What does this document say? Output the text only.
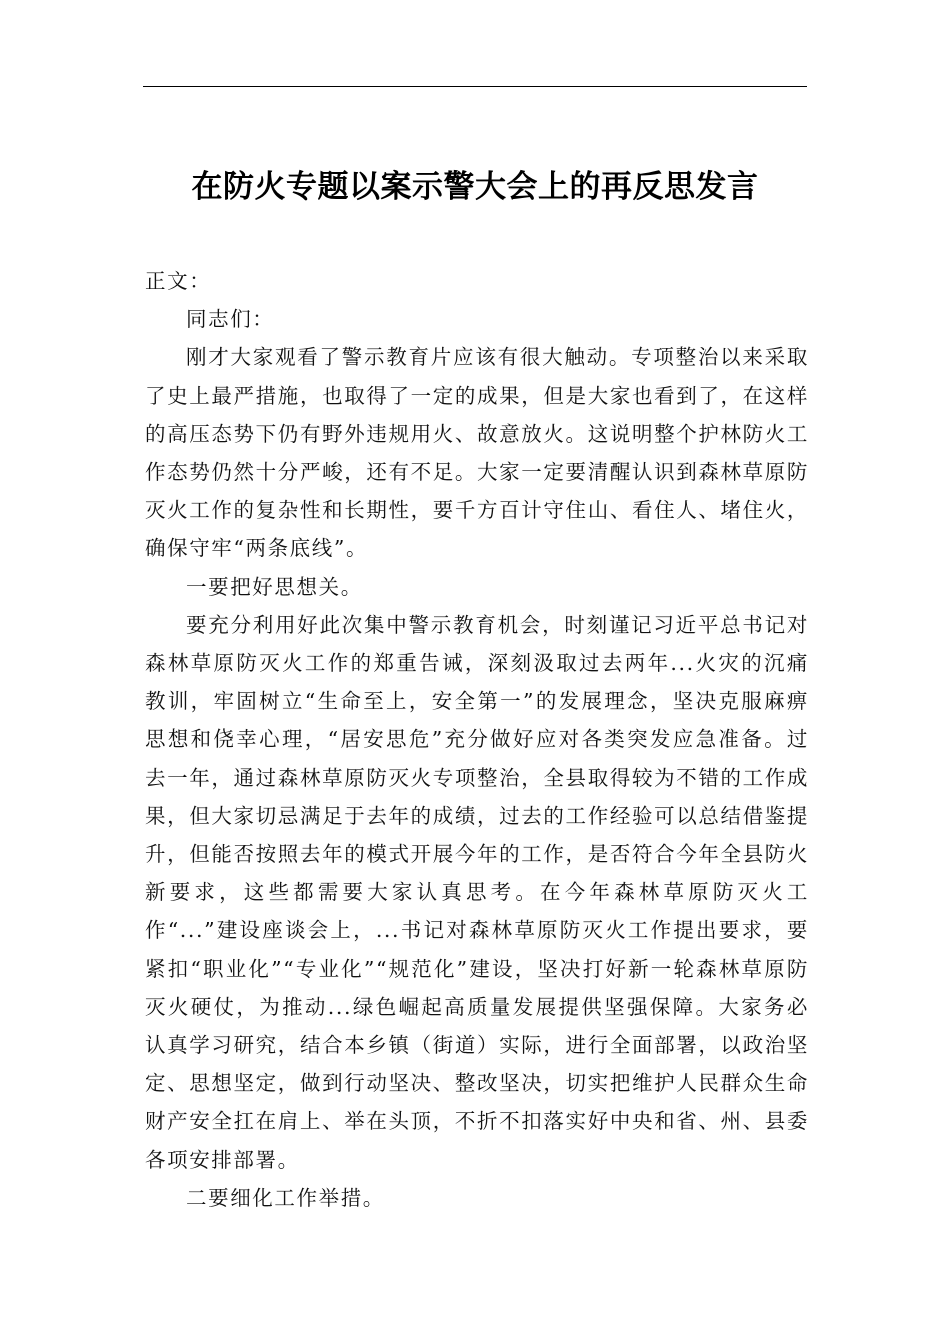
在防火专题以案示警大会上的再反思发言

正文：

同志们：

刚才大家观看了警示教育片应该有很大触动。专项整治以来采取了史上最严措施，也取得了一定的成果，但是大家也看到了，在这样的高压态势下仍有野外违规用火、故意放火。这说明整个护林防火工作态势仍然十分严峻，还有不足。大家一定要清醒认识到森林草原防灭火工作的复杂性和长期性，要千方百计守住山、看住人、堵住火，确保守牢“两条底线”。

一要把好思想关。

要充分利用好此次集中警示教育机会，时刻谨记习近平总书记对森林草原防灭火工作的郑重告诫，深刻汲取过去两年...火灾的沉痛教训，牢固树立“生命至上，安全第一”的发展理念，坚决克服麻痹思想和侥幸心理，“居安思危”充分做好应对各类突发应急准备。过去一年，通过森林草原防灭火专项整治，全县取得较为不错的工作成果，但大家切忌满足于去年的成绩，过去的工作经验可以总结借鉴提升，但能否按照去年的模式开展今年的工作，是否符合今年全县防火新要求，这些都需要大家认真思考。在今年森林草原防灭火工作“...”建设座谈会上，...书记对森林草原防灭火工作提出要求，要紧扣“职业化”“专业化”“规范化”建设，坚决打好新一轮森林草原防灭火硬仗，为推动...绿色崛起高质量发展提供坚强保障。大家务必认真学习研究，结合本乡镇（街道）实际，进行全面部署，以政治坚定、思想坚定，做到行动坚决、整改坚决，切实把维护人民群众生命财产安全扛在肩上、举在头顶，不折不扣落实好中央和省、州、县委各项安排部署。

二要细化工作举措。
